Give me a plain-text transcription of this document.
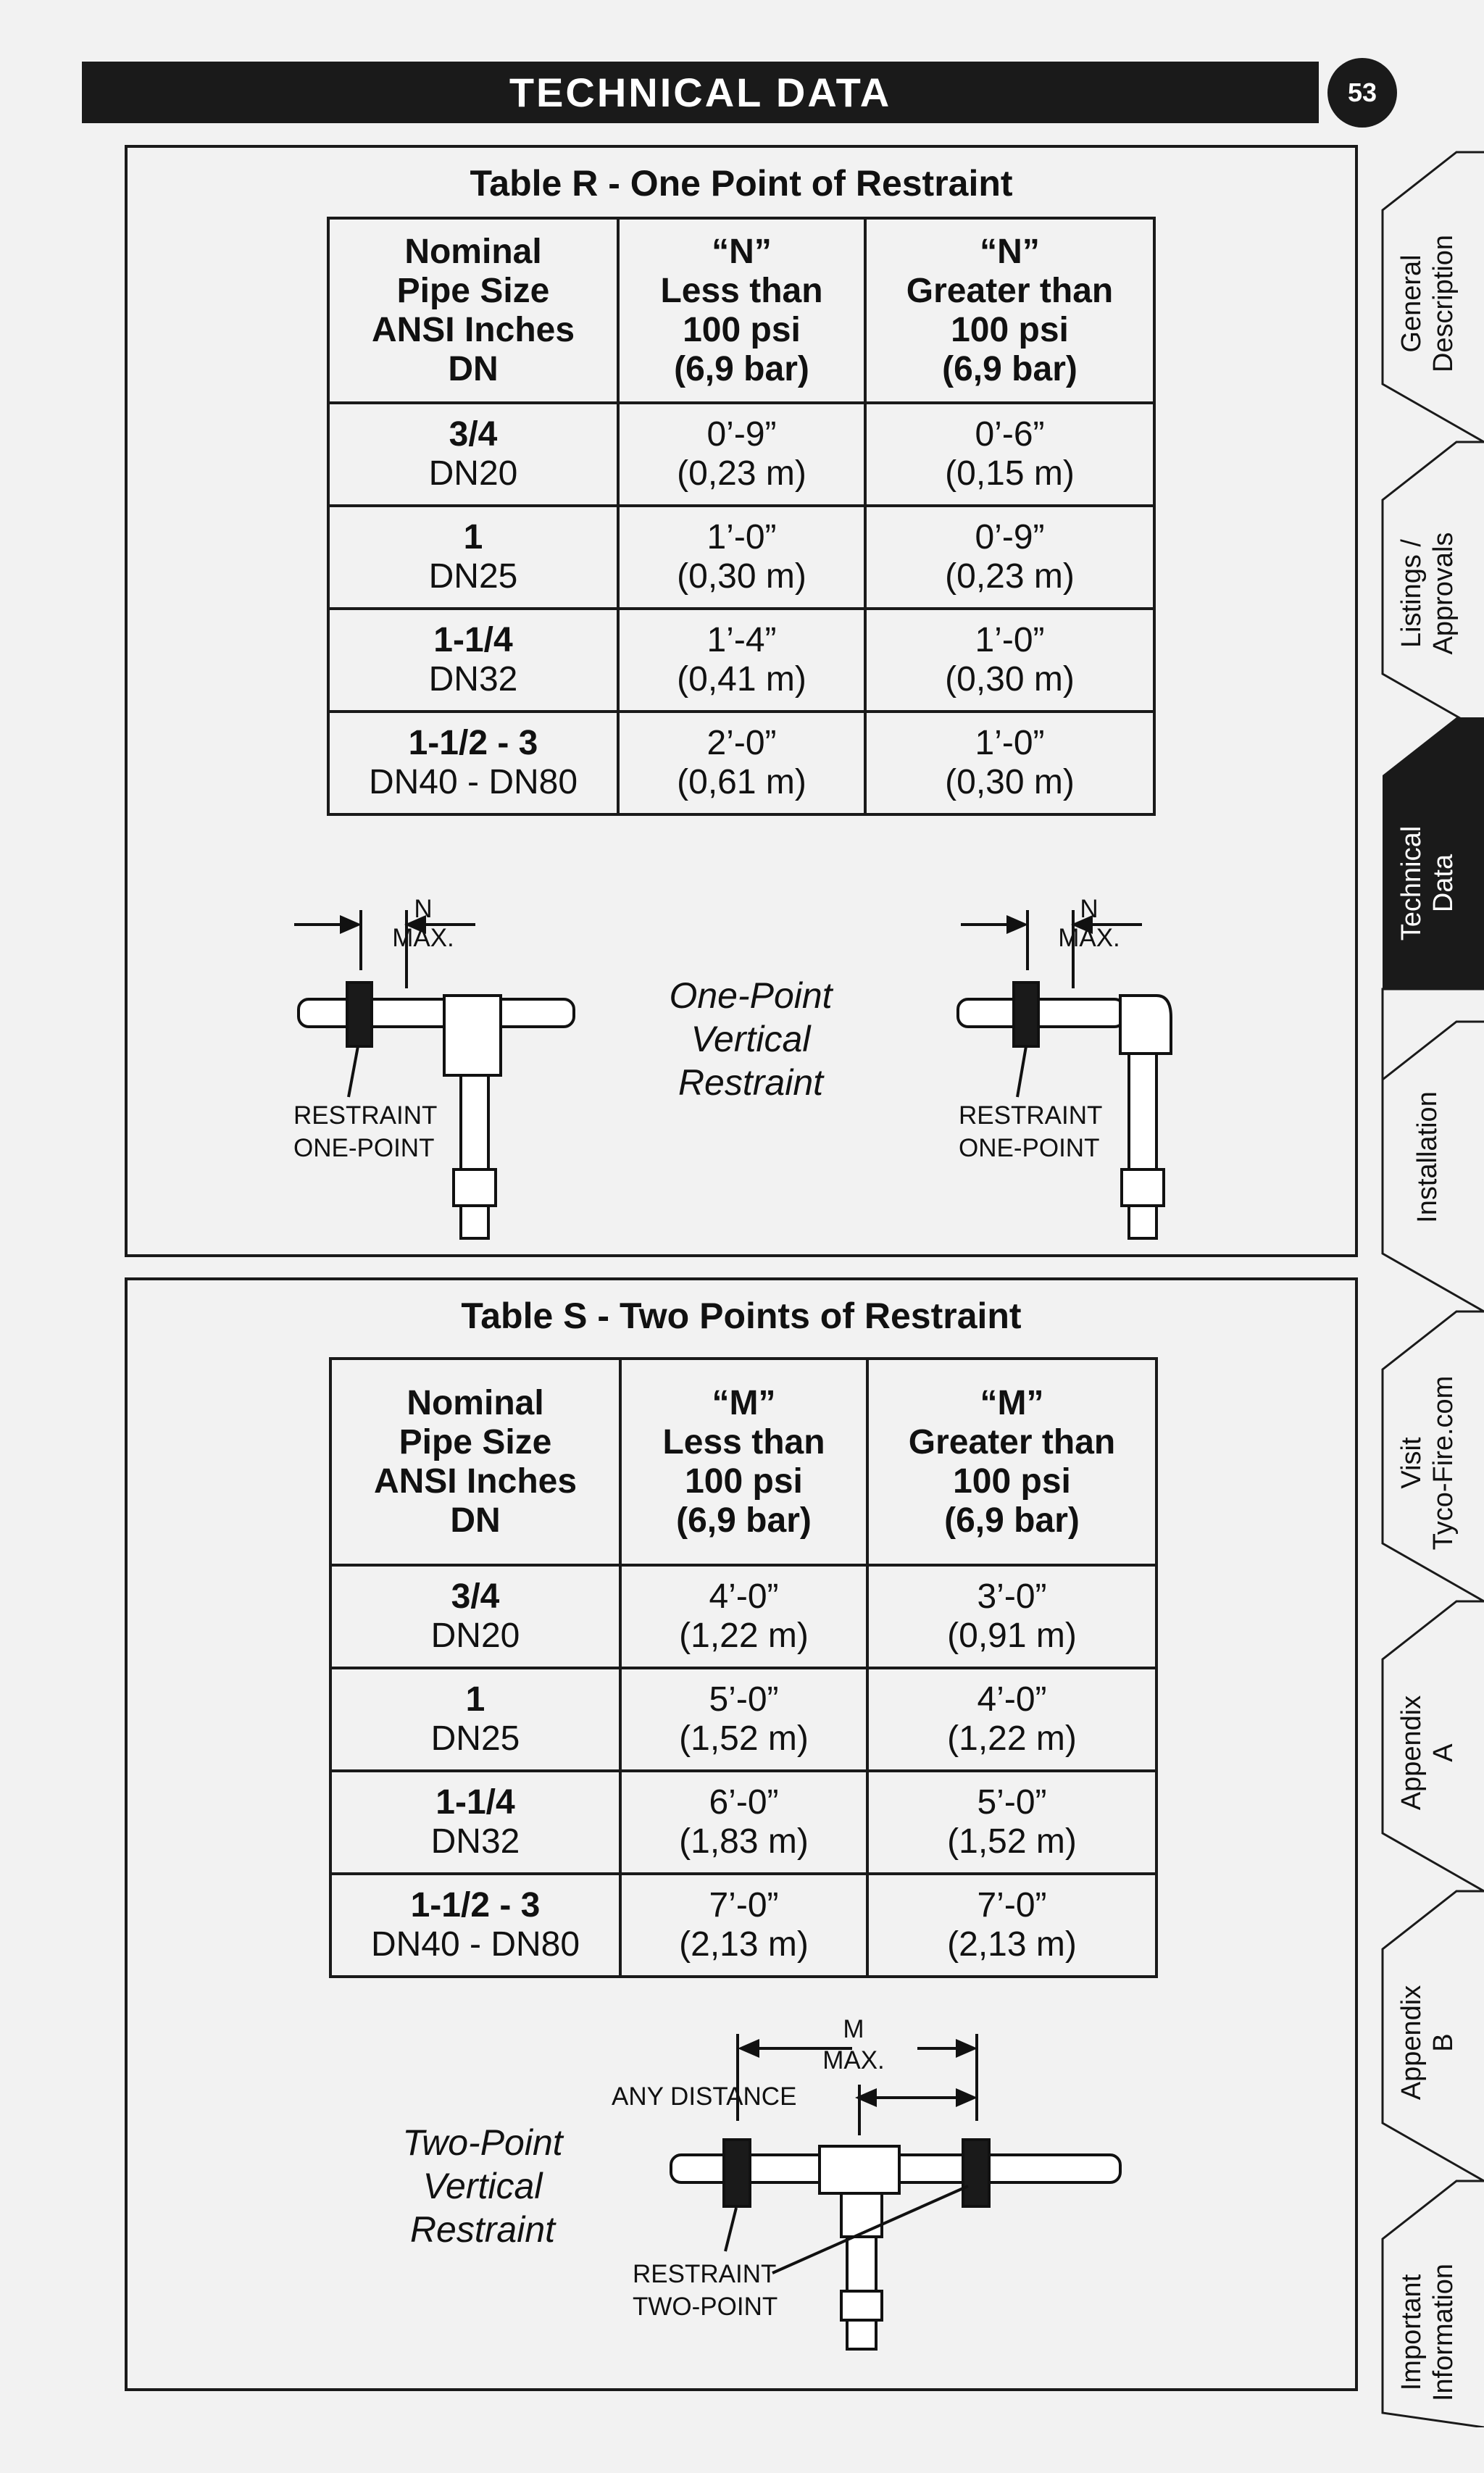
TECHNICAL DATA	53
Table R - One Point of Restraint
Nominal
Pipe Size
ANSI Inches
DN	“N”
Less than
100 psi
(6,9 bar)	“N”
Greater than
100 psi
(6,9 bar)

3/4
DN20	0’-9”
(0,23 m)	0’-6”
(0,15 m)

1
DN25	1’-0”
(0,30 m)	0’-9”
(0,23 m)

1-1/4
DN32	1’-4”
(0,41 m)	1’-0”
(0,30 m)

1-1/2 - 3
DN40 - DN80	2’-0”
(0,61 m)	1’-0”
(0,30 m)
N
MAX.
RESTRAINT
ONE-POINT
N
MAX.
RESTRAINT
ONE-POINT
One-Point
Vertical
Restraint
Table S - Two Points of Restraint
Nominal
Pipe Size
ANSI Inches
DN	“M”
Less than
100 psi
(6,9 bar)	“M”
Greater than
100 psi
(6,9 bar)

3/4
DN20	4’-0”
(1,22 m)	3’-0”
(0,91 m)

1
DN25	5’-0”
(1,52 m)	4’-0”
(1,22 m)

1-1/4
DN32	6’-0”
(1,83 m)	5’-0”
(1,52 m)

1-1/2 - 3
DN40 - DN80	7’-0”
(2,13 m)	7’-0”
(2,13 m)
M
MAX.
ANY DISTANCE
RESTRAINT
TWO-POINT
Two-Point
Vertical
Restraint
General Description
Listings / Approvals
Technical Data
Installation
Visit Tyco-Fire.com
Appendix A
Appendix B
Important Information
